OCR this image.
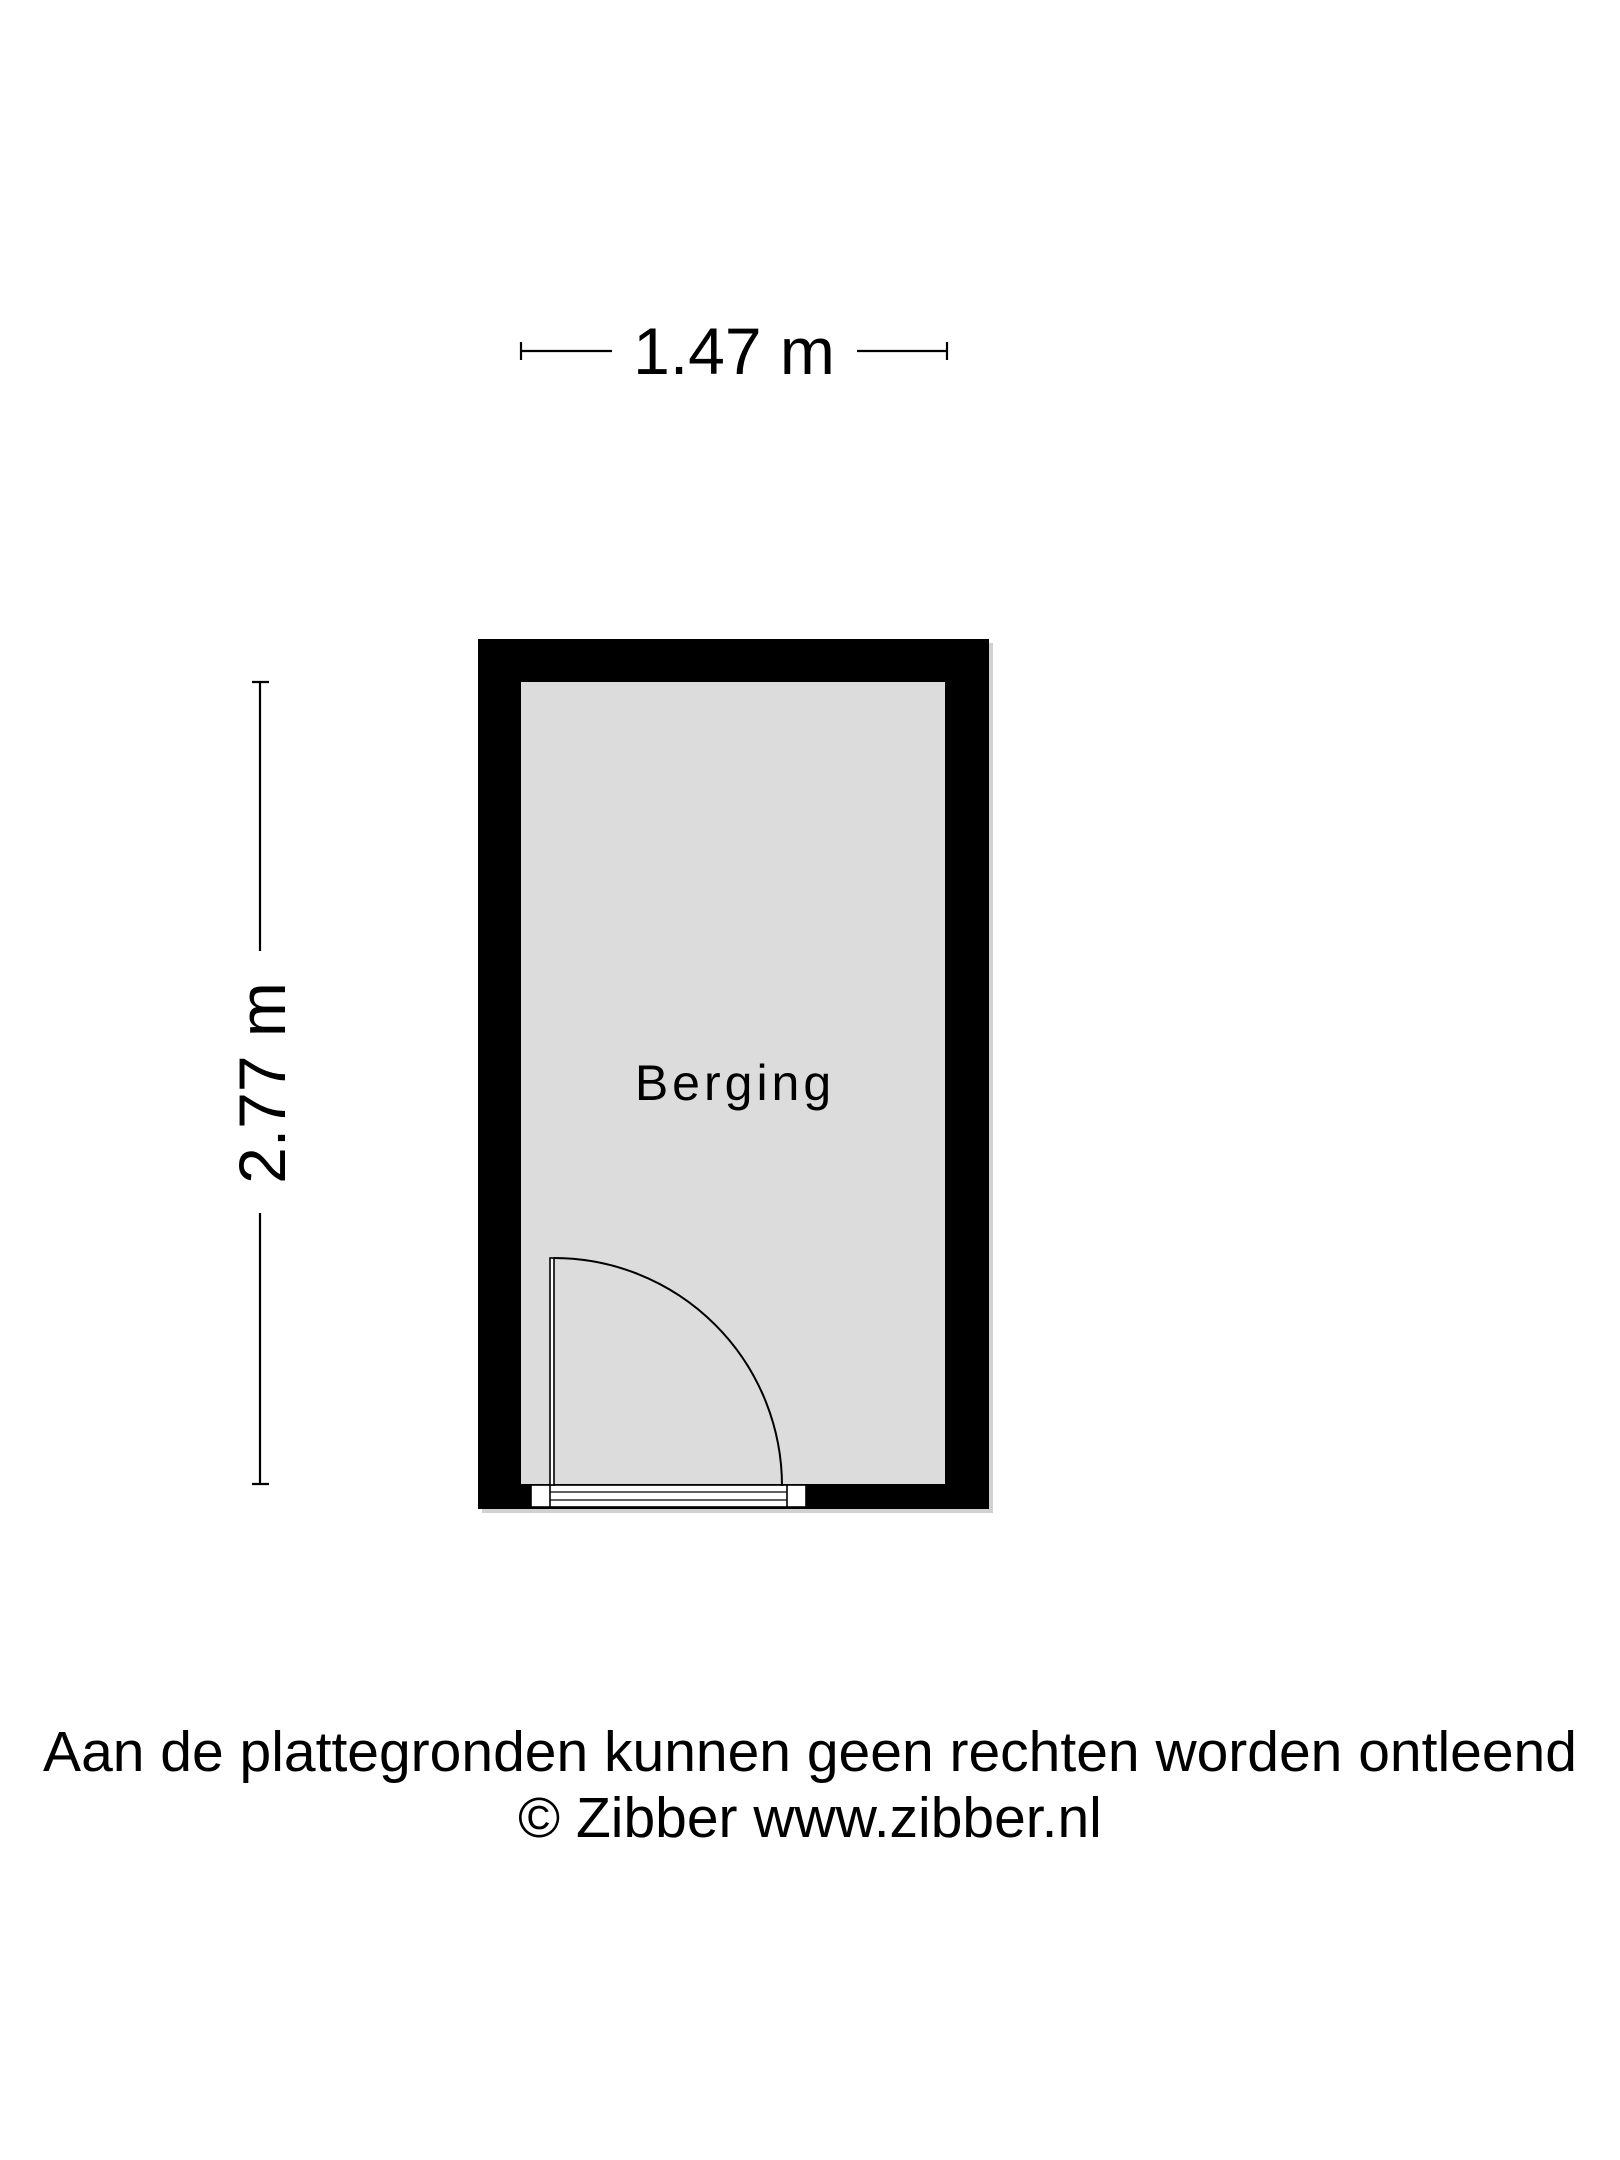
1.47 m
2.77 m	Berging
Aan de plattegronden kunnen geen rechten worden ontleend
© Zibber www.zibber.nl
